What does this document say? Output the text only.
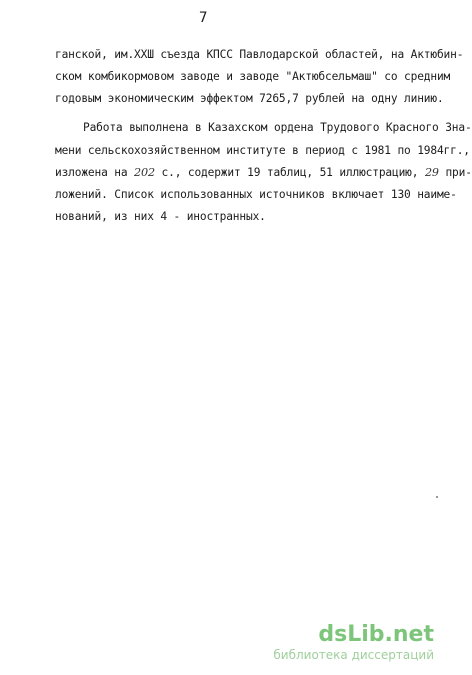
7
ганской, им.XXШ съезда КПСС Павлодарской областей, на Актюбин-
ском комбикормовом заводе и заводе "Актюбсельмаш" со средним
годовым экономическим эффектом 7265,7 рублей на одну линию.
Работа выполнена в Казахском ордена Трудового Красного Зна-
мени сельскохозяйственном институте в период с 1981 по 1984гг.,
изложена на 202 с., содержит 19 таблиц, 51 иллюстрацию, 29 при-
ложений. Список использованных источников включает 130 наиме-
нований, из них 4 - иностранных.
dsLib.net
библиотека диссертаций
